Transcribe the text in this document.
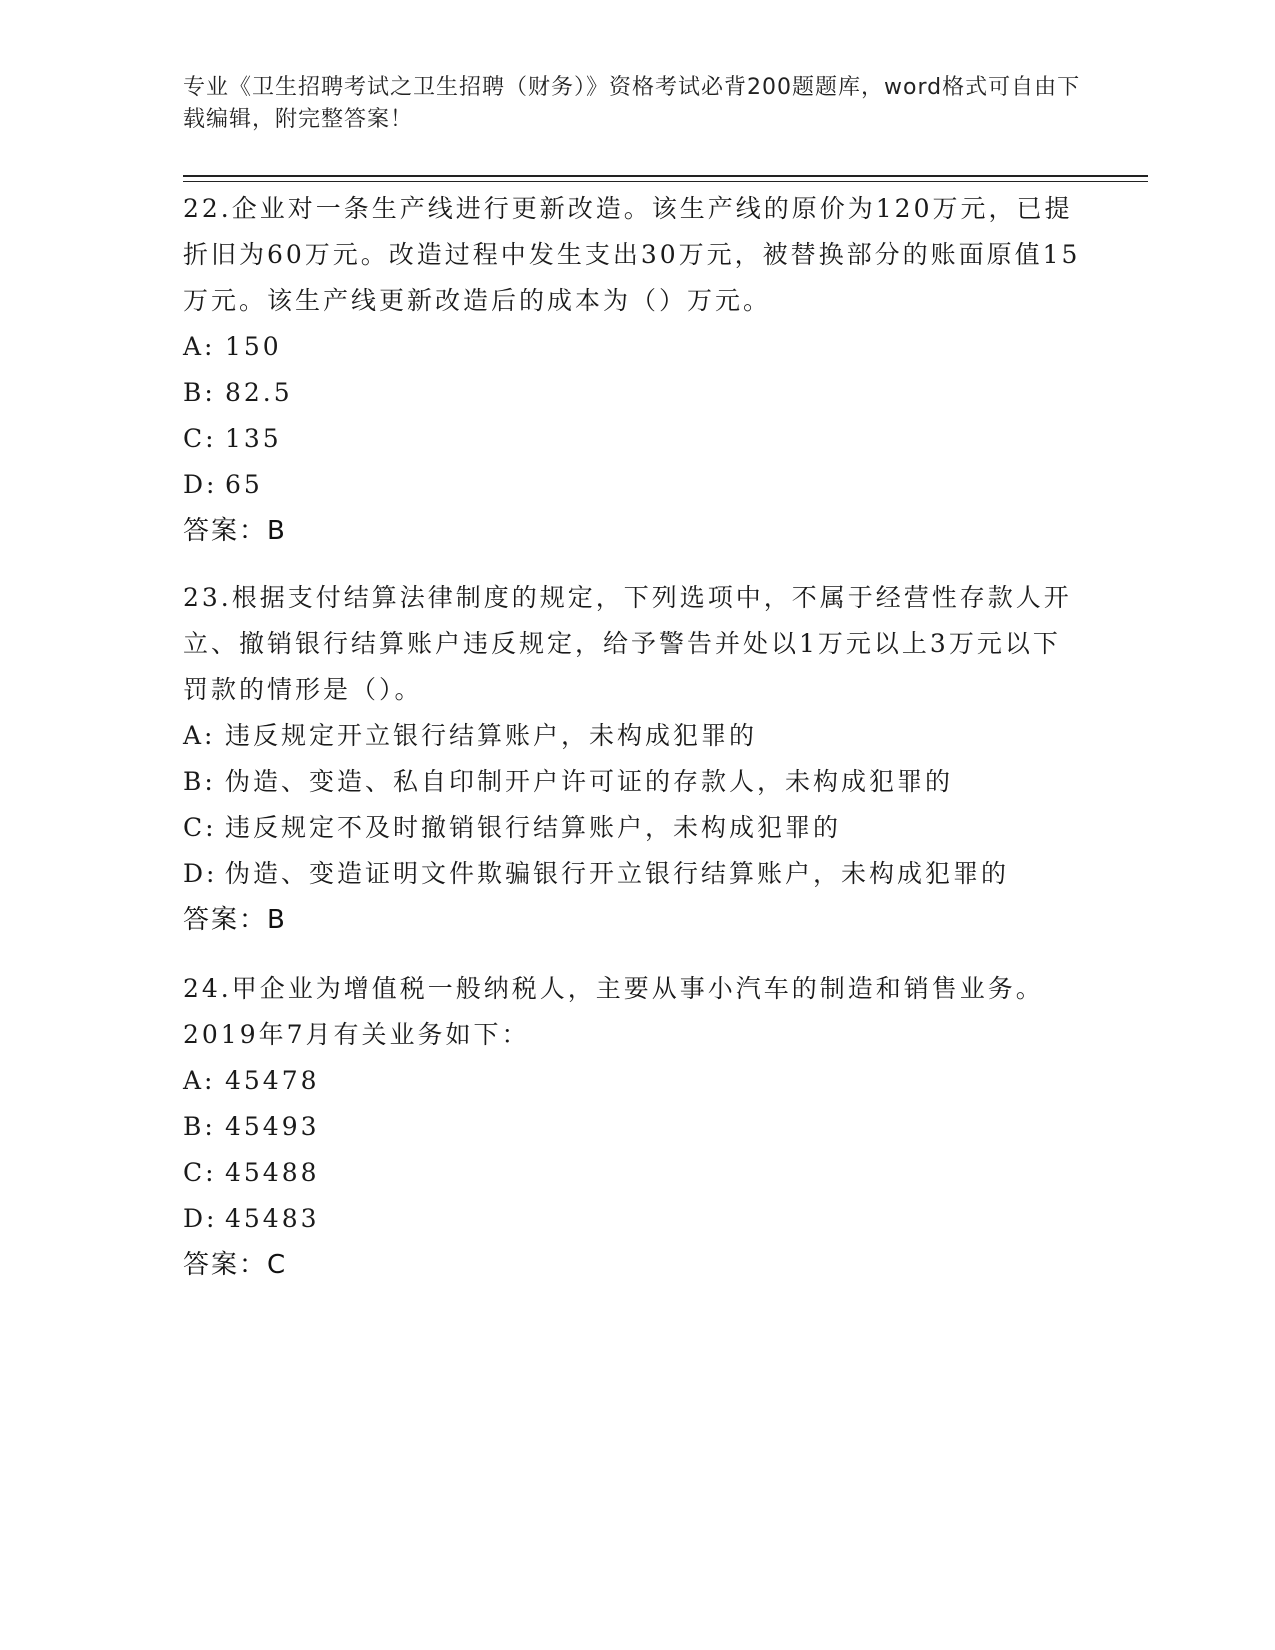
专业《卫生招聘考试之卫生招聘（财务）》资格考试必背200题题库，word格式可自由下载编辑，附完整答案！

22.企业对一条生产线进行更新改造。该生产线的原价为120万元，已提折旧为60万元。改造过程中发生支出30万元，被替换部分的账面原值15万元。该生产线更新改造后的成本为（）万元。

A: 150

B: 82.5

C: 135

D: 65

答案：B

23.根据支付结算法律制度的规定，下列选项中，不属于经营性存款人开立、撤销银行结算账户违反规定，给予警告并处以1万元以上3万元以下罚款的情形是（）。

A: 违反规定开立银行结算账户，未构成犯罪的

B: 伪造、变造、私自印制开户许可证的存款人，未构成犯罪的

C: 违反规定不及时撤销银行结算账户，未构成犯罪的

D: 伪造、变造证明文件欺骗银行开立银行结算账户，未构成犯罪的

答案：B

24.甲企业为增值税一般纳税人，主要从事小汽车的制造和销售业务。2019年7月有关业务如下：

A: 45478

B: 45493

C: 45488

D: 45483

答案：C
